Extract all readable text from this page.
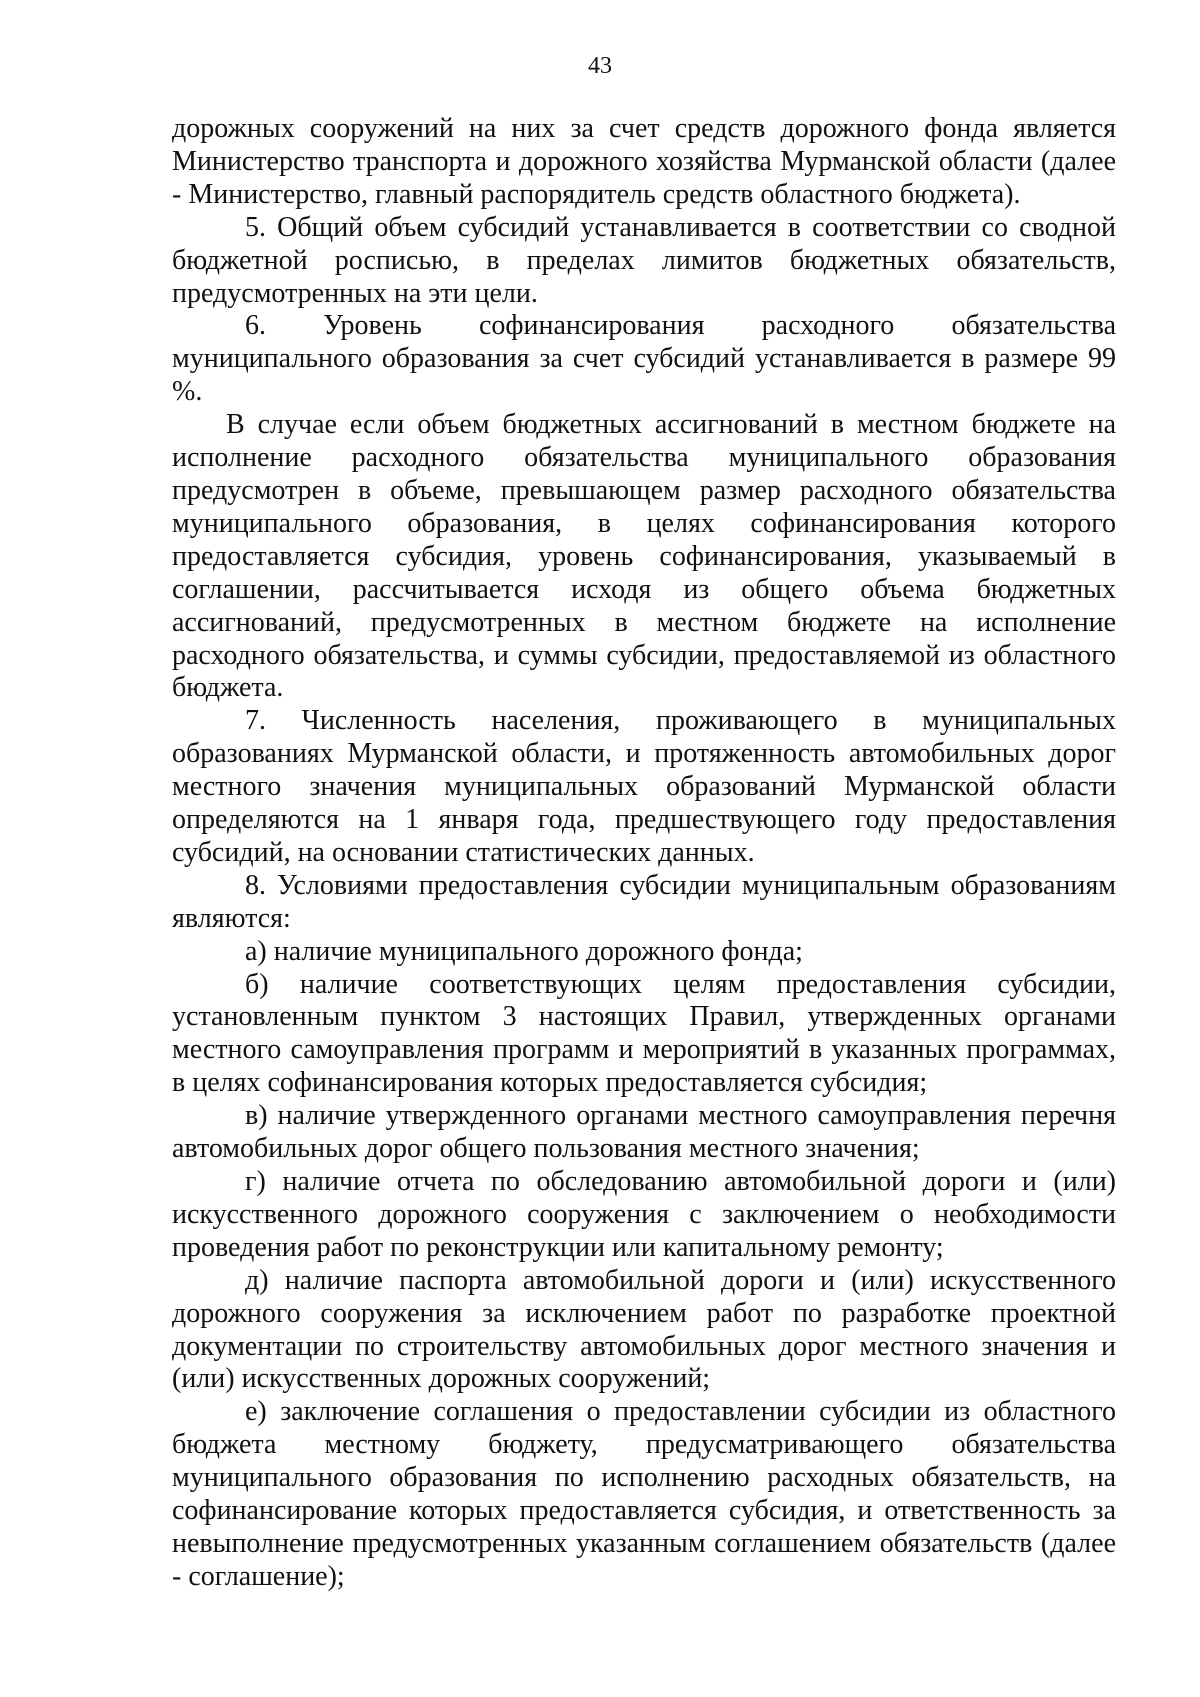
43

дорожных сооружений на них за счет средств дорожного фонда является Министерство транспорта и дорожного хозяйства Мурманской области (далее - Министерство, главный распорядитель средств областного бюджета).

5. Общий объем субсидий устанавливается в соответствии со сводной бюджетной росписью, в пределах лимитов бюджетных обязательств, предусмотренных на эти цели.

6. Уровень софинансирования расходного обязательства муниципального образования за счет субсидий устанавливается в размере 99 %.

В случае если объем бюджетных ассигнований в местном бюджете на исполнение расходного обязательства муниципального образования предусмотрен в объеме, превышающем размер расходного обязательства муниципального образования, в целях софинансирования которого предоставляется субсидия, уровень софинансирования, указываемый в соглашении, рассчитывается исходя из общего объема бюджетных ассигнований, предусмотренных в местном бюджете на исполнение расходного обязательства, и суммы субсидии, предоставляемой из областного бюджета.

7. Численность населения, проживающего в муниципальных образованиях Мурманской области, и протяженность автомобильных дорог местного значения муниципальных образований Мурманской области определяются на 1 января года, предшествующего году предоставления субсидий, на основании статистических данных.

8. Условиями предоставления субсидии муниципальным образованиям являются:

а) наличие муниципального дорожного фонда;

б) наличие соответствующих целям предоставления субсидии, установленным пунктом 3 настоящих Правил, утвержденных органами местного самоуправления программ и мероприятий в указанных программах, в целях софинансирования которых предоставляется субсидия;

в) наличие утвержденного органами местного самоуправления перечня автомобильных дорог общего пользования местного значения;

г) наличие отчета по обследованию автомобильной дороги и (или) искусственного дорожного сооружения с заключением о необходимости проведения работ по реконструкции или капитальному ремонту;

д) наличие паспорта автомобильной дороги и (или) искусственного дорожного сооружения за исключением работ по разработке проектной документации по строительству автомобильных дорог местного значения и (или) искусственных дорожных сооружений;

е) заключение соглашения о предоставлении субсидии из областного бюджета местному бюджету, предусматривающего обязательства муниципального образования по исполнению расходных обязательств, на софинансирование которых предоставляется субсидия, и ответственность за невыполнение предусмотренных указанным соглашением обязательств (далее - соглашение);
